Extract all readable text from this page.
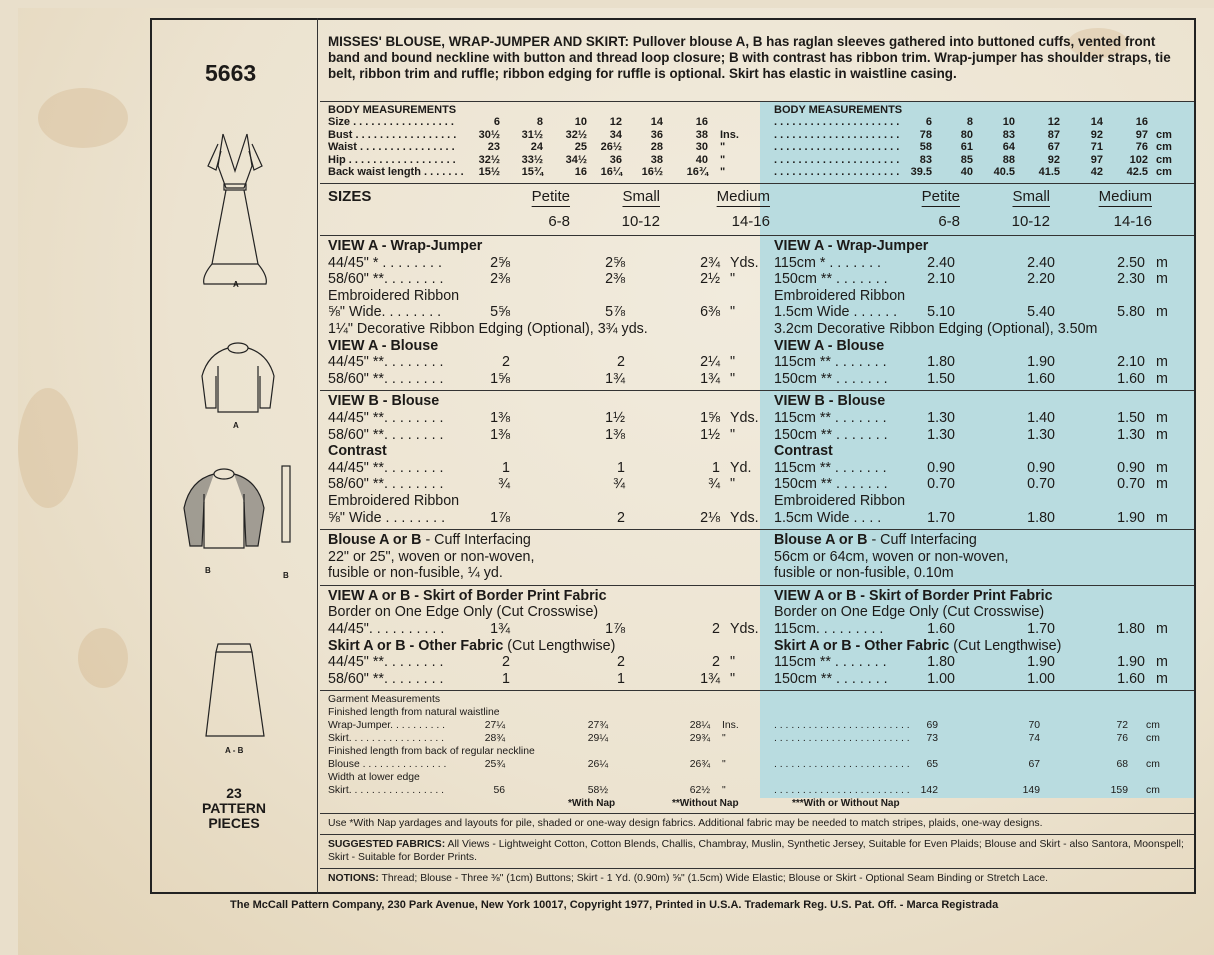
5663
A
A
B
B
A - B
23
PATTERN
PIECES
MISSES' BLOUSE, WRAP-JUMPER AND SKIRT: Pullover blouse A, B has raglan sleeves gathered into buttoned cuffs, vented front band and bound neckline with button and thread loop closure; B with contrast has ribbon trim. Wrap-jumper has shoulder straps, tie belt, ribbon trim and ruffle; ribbon edging for ruffle is optional. Skirt has elastic in waistline casing.
BODY MEASUREMENTS	BODY MEASUREMENTS
Size . . . . . . . . . . . . . . . . .	6	8	10	12	14	16	. . . . . . . . . . . . . . . . . . . . .	6	8	10	12	14	16
Bust . . . . . . . . . . . . . . . . .	30½	31½	32½	34	36	38 Ins.	. . . . . . . . . . . . . . . . . . . . .	78	80	83	87	92	97 cm
Waist . . . . . . . . . . . . . . . .	23	24	25	26½	28	30 "	. . . . . . . . . . . . . . . . . . . . .	58	61	64	67	71	76 cm
Hip . . . . . . . . . . . . . . . . . .	32½	33½	34½	36	38	40 "	. . . . . . . . . . . . . . . . . . . . .	83	85	88	92	97	102 cm
Back waist length . . . . . . .	15½	15¾	16	16¼	16½	16¾ "	. . . . . . . . . . . . . . . . . . . . .	39.5	40	40.5	41.5	42	42.5 cm
SIZES	Petite	Small	Medium	Petite	Small	Medium
6-8	10-12	14-16	6-8	10-12	14-16
VIEW A - Wrap-Jumper	VIEW A - Wrap-Jumper
44/45" * . . . . . . . .	2⅝	2⅝	2¾ Yds. 115cm * . . . . . . .	2.40	2.40	2.50 m
58/60" **. . . . . . . .	2⅜	2⅜	2½ "	150cm ** . . . . . . .	2.10	2.20	2.30 m
Embroidered Ribbon	Embroidered Ribbon
⅝" Wide. . . . . . . .	5⅝	5⅞	6⅜ "	1.5cm Wide . . . . . .	5.10	5.40	5.80 m
1¼" Decorative Ribbon Edging (Optional), 3¾ yds.	3.2cm Decorative Ribbon Edging (Optional), 3.50m
VIEW A - Blouse	VIEW A - Blouse
44/45" **. . . . . . . .	2	2	2¼ "	115cm ** . . . . . . .	1.80	1.90	2.10 m
58/60" **. . . . . . . .	1⅝	1¾	1¾ "	150cm ** . . . . . . .	1.50	1.60	1.60 m
VIEW B - Blouse	VIEW B - Blouse
44/45" **. . . . . . . .	1⅜	1½	1⅝ Yds. 115cm ** . . . . . . .	1.30	1.40	1.50 m
58/60" **. . . . . . . .	1⅜	1⅜	1½ "	150cm ** . . . . . . .	1.30	1.30	1.30 m
Contrast	Contrast
44/45" **. . . . . . . .	1	1	1 Yd. 115cm ** . . . . . . .	0.90	0.90	0.90 m
58/60" **. . . . . . . .	¾	¾	¾ "	150cm ** . . . . . . .	0.70	0.70	0.70 m
Embroidered Ribbon	Embroidered Ribbon
⅝" Wide . . . . . . . .	1⅞	2	2⅛ Yds. 1.5cm Wide . . . .	1.70	1.80	1.90 m
Blouse A or B - Cuff Interfacing	Blouse A or B - Cuff Interfacing
22" or 25", woven or non-woven,	56cm or 64cm, woven or non-woven,
fusible or non-fusible, ¼ yd.	fusible or non-fusible, 0.10m
VIEW A or B - Skirt of Border Print Fabric	VIEW A or B - Skirt of Border Print Fabric
Border on One Edge Only (Cut Crosswise)	Border on One Edge Only (Cut Crosswise)
44/45". . . . . . . . . .	1¾	1⅞	2 Yds. 115cm. . . . . . . . .	1.60	1.70	1.80 m
Skirt A or B - Other Fabric (Cut Lengthwise)	Skirt A or B - Other Fabric (Cut Lengthwise)
44/45" **. . . . . . . .	2	2	2 "	115cm ** . . . . . . .	1.80	1.90	1.90 m
58/60" **. . . . . . . .	1	1	1¾ "	150cm ** . . . . . . .	1.00	1.00	1.60 m
Garment Measurements
Finished length from natural waistline
Wrap-Jumper. . . . . . . . . .	27¼	27¾	28¼ Ins.	. . . . . . . . . . . . . . . . . . . . . . . .	69	70	72 cm
Skirt. . . . . . . . . . . . . . . . .	28¾	29¼	29¾ "	. . . . . . . . . . . . . . . . . . . . . . . .	73	74	76 cm
Finished length from back of regular neckline
Blouse . . . . . . . . . . . . . . .	25¾	26¼	26¾ "	. . . . . . . . . . . . . . . . . . . . . . . .	65	67	68 cm
Width at lower edge
Skirt. . . . . . . . . . . . . . . . .	56	58½	62½ "	. . . . . . . . . . . . . . . . . . . . . . . .	142	149	159 cm
*With Nap	**Without Nap	***With or Without Nap
Use *With Nap yardages and layouts for pile, shaded or one-way design fabrics. Additional fabric may be needed to match stripes, plaids, one-way designs.
SUGGESTED FABRICS: All Views - Lightweight Cotton, Cotton Blends, Challis, Chambray, Muslin, Synthetic Jersey, Suitable for Even Plaids; Blouse and Skirt - also Santora, Moonspell; Skirt - Suitable for Border Prints.
NOTIONS: Thread; Blouse - Three ⅜" (1cm) Buttons; Skirt - 1 Yd. (0.90m) ⅝" (1.5cm) Wide Elastic; Blouse or Skirt - Optional Seam Binding or Stretch Lace.
The McCall Pattern Company, 230 Park Avenue, New York 10017, Copyright 1977, Printed in U.S.A. Trademark Reg. U.S. Pat. Off. - Marca Registrada
